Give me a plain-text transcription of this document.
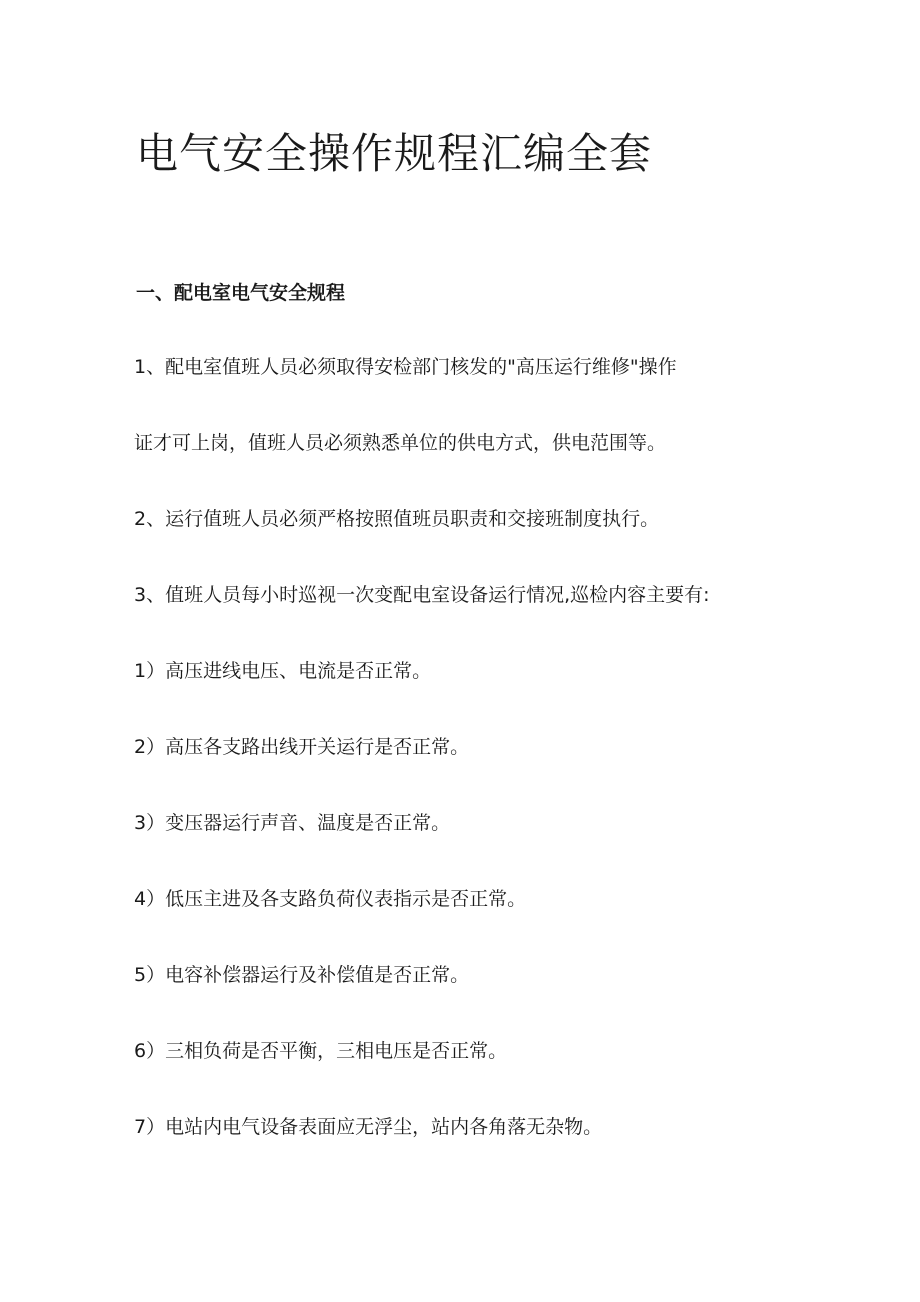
电气安全操作规程汇编全套
一、配电室电气安全规程

1、配电室值班人员必须取得安检部门核发的"高压运行维修"操作

证才可上岗，值班人员必须熟悉单位的供电方式，供电范围等。

2、运行值班人员必须严格按照值班员职责和交接班制度执行。

3、值班人员每小时巡视一次变配电室设备运行情况,巡检内容主要有:

1）高压进线电压、电流是否正常。

2）高压各支路出线开关运行是否正常。

3）变压器运行声音、温度是否正常。

4）低压主进及各支路负荷仪表指示是否正常。

5）电容补偿器运行及补偿值是否正常。

6）三相负荷是否平衡，三相电压是否正常。

7）电站内电气设备表面应无浮尘，站内各角落无杂物。
